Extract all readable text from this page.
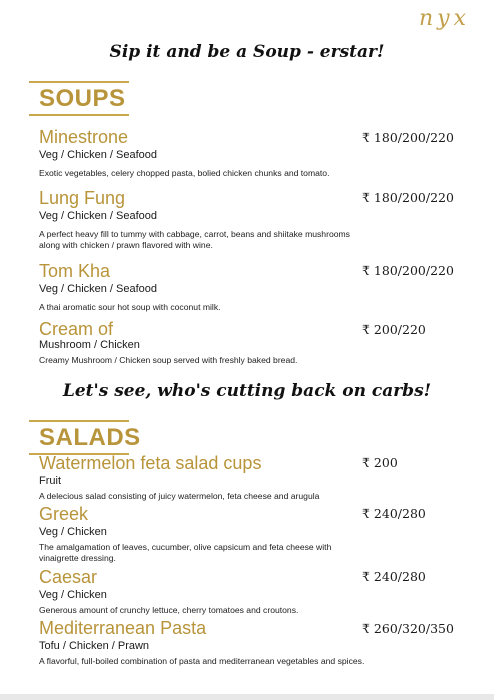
nyx
Sip it and be a Soup - erstar!
SOUPS
Minestrone
Veg / Chicken / Seafood
Exotic vegetables, celery chopped pasta, bolied chicken chunks and tomato.
₹ 180/200/220
Lung Fung
Veg / Chicken / Seafood
A perfect heavy fill to tummy with cabbage, carrot, beans and shiitake mushrooms along with chicken / prawn flavored with wine.
₹ 180/200/220
Tom Kha
Veg / Chicken / Seafood
A thai aromatic sour hot soup with coconut milk.
₹ 180/200/220
Cream of
Mushroom / Chicken
Creamy Mushroom / Chicken soup served with freshly baked bread.
₹ 200/220
Let's see, who's cutting back on carbs!
SALADS
Watermelon feta salad cups
Fruit
A delecious salad consisting of juicy watermelon, feta cheese and arugula
₹ 200
Greek
Veg / Chicken
The amalgamation of leaves, cucumber, olive capsicum and feta cheese with vinaigrette dressing.
₹ 240/280
Caesar
Veg / Chicken
Generous amount of crunchy lettuce, cherry tomatoes and croutons.
₹ 240/280
Mediterranean Pasta
Tofu / Chicken / Prawn
A flavorful, full-boiled combination of pasta and mediterranean vegetables and spices.
₹ 260/320/350
